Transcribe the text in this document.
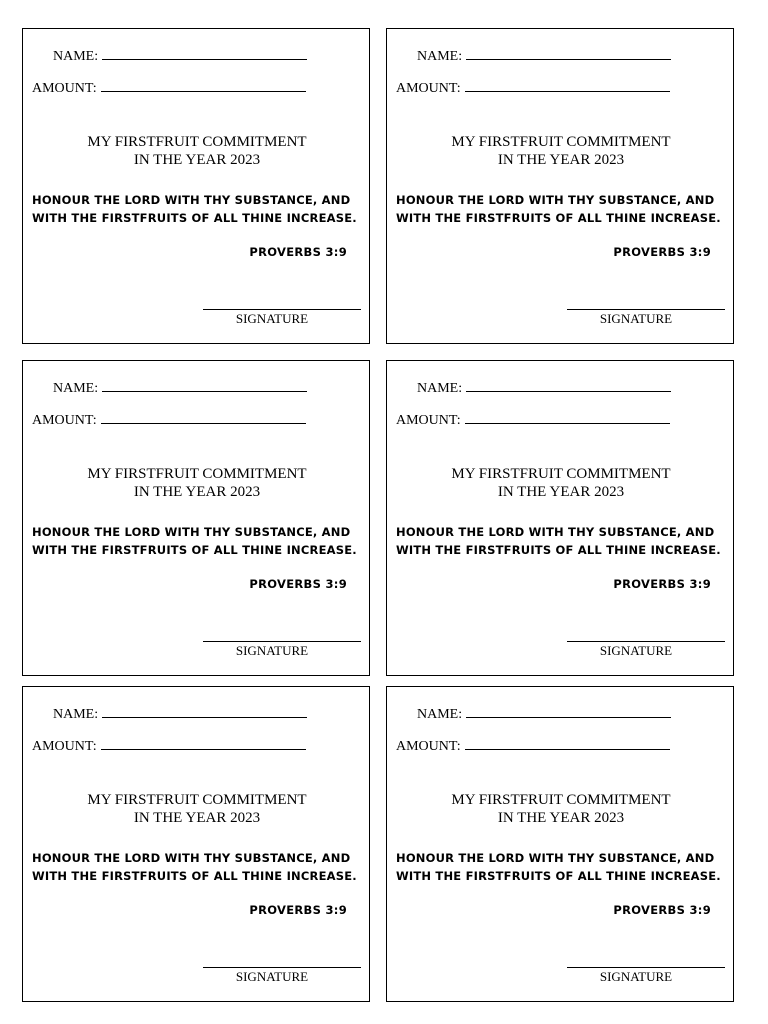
NAME:
AMOUNT:
MY FIRSTFRUIT COMMITMENT
IN THE YEAR 2023
HONOUR THE LORD WITH THY SUBSTANCE, AND WITH THE FIRSTFRUITS OF ALL THINE INCREASE.
PROVERBS 3:9
SIGNATURE
NAME:
AMOUNT:
MY FIRSTFRUIT COMMITMENT
IN THE YEAR 2023
HONOUR THE LORD WITH THY SUBSTANCE, AND WITH THE FIRSTFRUITS OF ALL THINE INCREASE.
PROVERBS 3:9
SIGNATURE
NAME:
AMOUNT:
MY FIRSTFRUIT COMMITMENT
IN THE YEAR 2023
HONOUR THE LORD WITH THY SUBSTANCE, AND WITH THE FIRSTFRUITS OF ALL THINE INCREASE.
PROVERBS 3:9
SIGNATURE
NAME:
AMOUNT:
MY FIRSTFRUIT COMMITMENT
IN THE YEAR 2023
HONOUR THE LORD WITH THY SUBSTANCE, AND WITH THE FIRSTFRUITS OF ALL THINE INCREASE.
PROVERBS 3:9
SIGNATURE
NAME:
AMOUNT:
MY FIRSTFRUIT COMMITMENT
IN THE YEAR 2023
HONOUR THE LORD WITH THY SUBSTANCE, AND WITH THE FIRSTFRUITS OF ALL THINE INCREASE.
PROVERBS 3:9
SIGNATURE
NAME:
AMOUNT:
MY FIRSTFRUIT COMMITMENT
IN THE YEAR 2023
HONOUR THE LORD WITH THY SUBSTANCE, AND WITH THE FIRSTFRUITS OF ALL THINE INCREASE.
PROVERBS 3:9
SIGNATURE
